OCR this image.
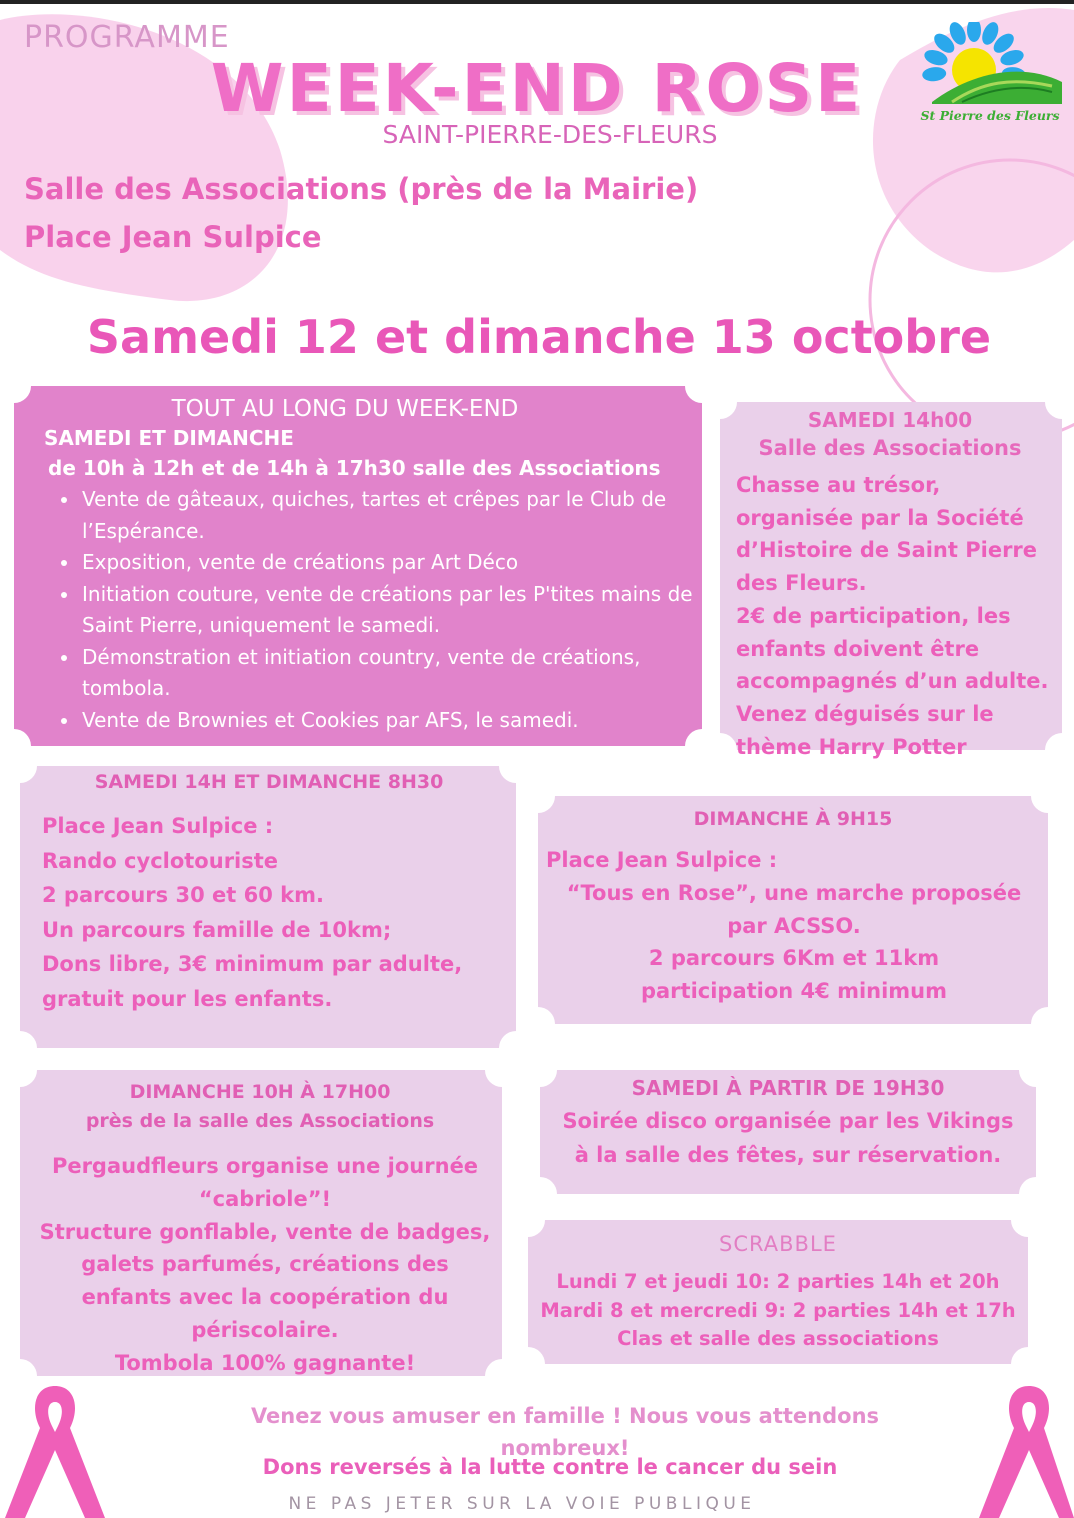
St Pierre des Fleurs
PROGRAMME
WEEK-END ROSE
SAINT-PIERRE-DES-FLEURS
Salle des Associations (près de la Mairie)
Place Jean Sulpice
Samedi 12 et dimanche 13 octobre
TOUT AU LONG DU WEEK-END
SAMEDI ET DIMANCHE
de 10h à 12h et de 14h à 17h30 salle des Associations
• Vente de gâteaux, quiches, tartes et crêpes par le Club de l’Espérance.
• Exposition, vente de créations par Art Déco
• Initiation couture, vente de créations par les P'tites mains de Saint Pierre, uniquement le samedi.
• Démonstration et initiation country, vente de créations, tombola.
• Vente de Brownies et Cookies par AFS, le samedi.
SAMEDI 14h00
Salle des Associations
Chasse au trésor,
organisée par la Société
d’Histoire de Saint Pierre
des Fleurs.
2€ de participation, les
enfants doivent être
accompagnés d’un adulte.
Venez déguisés sur le
thème Harry Potter
SAMEDI 14H ET DIMANCHE 8H30
Place Jean Sulpice :
Rando cyclotouriste
2 parcours 30 et 60 km.
Un parcours famille de 10km;
Dons libre, 3€ minimum par adulte,
gratuit pour les enfants.
DIMANCHE À 9H15
Place Jean Sulpice :
“Tous en Rose”, une marche proposée
par ACSSO.
2 parcours 6Km et 11km
participation 4€ minimum
DIMANCHE 10H À 17H00
près de la salle des Associations
Pergaudfleurs organise une journée
“cabriole”!
Structure gonflable, vente de badges,
galets parfumés, créations des
enfants avec la coopération du
périscolaire.
Tombola 100% gagnante!
SAMEDI À PARTIR DE 19H30
Soirée disco organisée par les Vikings
à la salle des fêtes, sur réservation.
SCRABBLE
Lundi 7 et jeudi 10: 2 parties 14h et 20h
Mardi 8 et mercredi 9: 2 parties 14h et 17h
Clas et salle des associations
Venez vous amuser en famille ! Nous vous attendons nombreux!
Dons reversés à la lutte contre le cancer du sein
NE PAS JETER SUR LA VOIE PUBLIQUE
